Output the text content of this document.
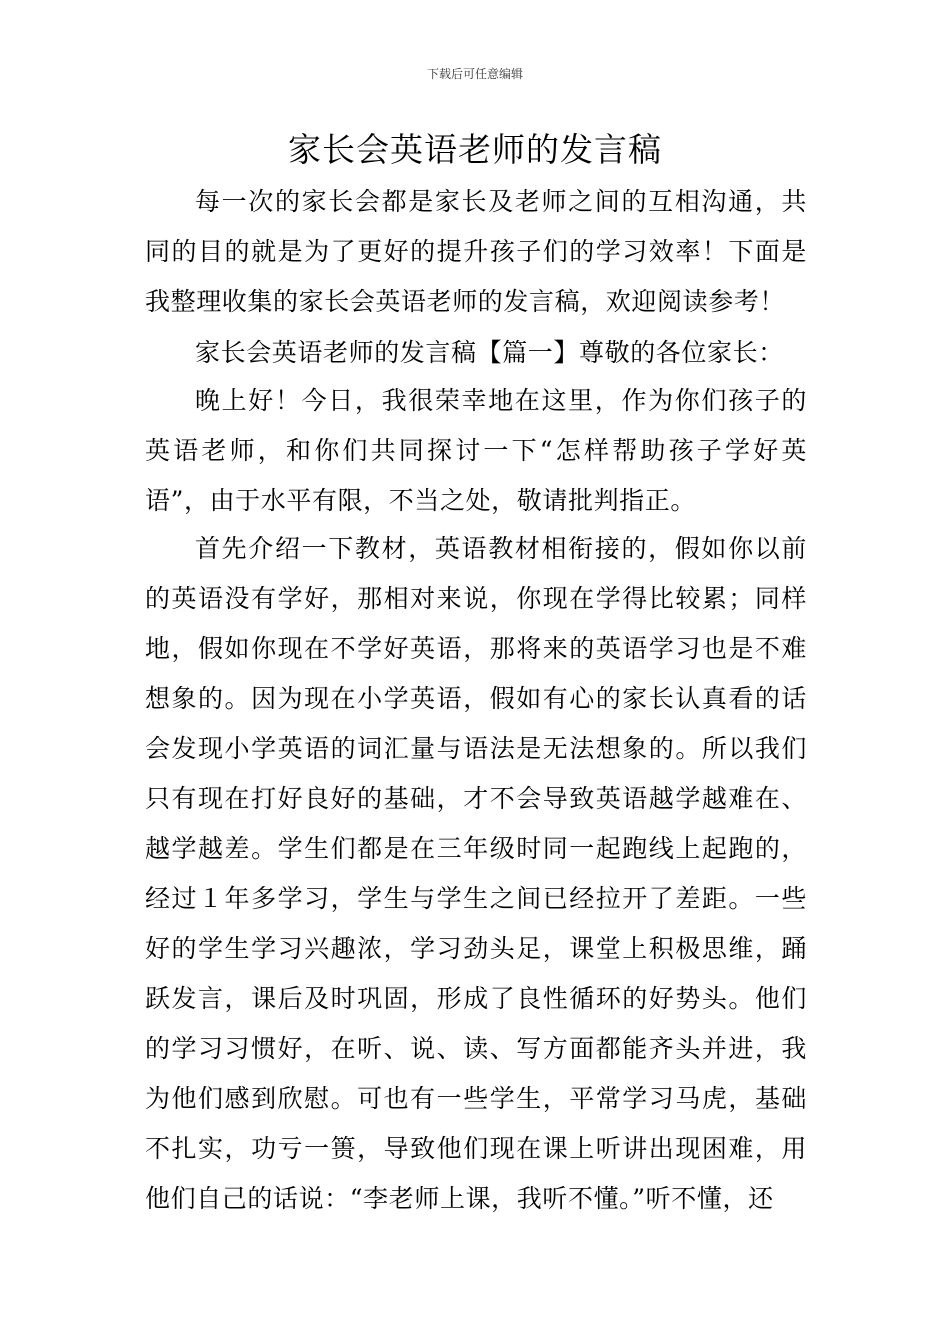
下载后可任意编辑
家长会英语老师的发言稿

每一次的家长会都是家长及老师之间的互相沟通，共同的目的就是为了更好的提升孩子们的学习效率！下面是我整理收集的家长会英语老师的发言稿，欢迎阅读参考！

家长会英语老师的发言稿【篇一】尊敬的各位家长：

晚上好！今日，我很荣幸地在这里，作为你们孩子的英语老师，和你们共同探讨一下“怎样帮助孩子学好英语”，由于水平有限，不当之处，敬请批判指正。

首先介绍一下教材，英语教材相衔接的，假如你以前的英语没有学好，那相对来说，你现在学得比较累；同样地，假如你现在不学好英语，那将来的英语学习也是不难想象的。因为现在小学英语，假如有心的家长认真看的话会发现小学英语的词汇量与语法是无法想象的。所以我们只有现在打好良好的基础，才不会导致英语越学越难在、越学越差。学生们都是在三年级时同一起跑线上起跑的，经过１年多学习，学生与学生之间已经拉开了差距。一些好的学生学习兴趣浓，学习劲头足，课堂上积极思维，踊跃发言，课后及时巩固，形成了良性循环的好势头。他们的学习习惯好，在听、说、读、写方面都能齐头并进，我为他们感到欣慰。可也有一些学生，平常学习马虎，基础不扎实，功亏一篑，导致他们现在课上听讲出现困难，用他们自己的话说：“李老师上课，我听不懂。”听不懂，还
